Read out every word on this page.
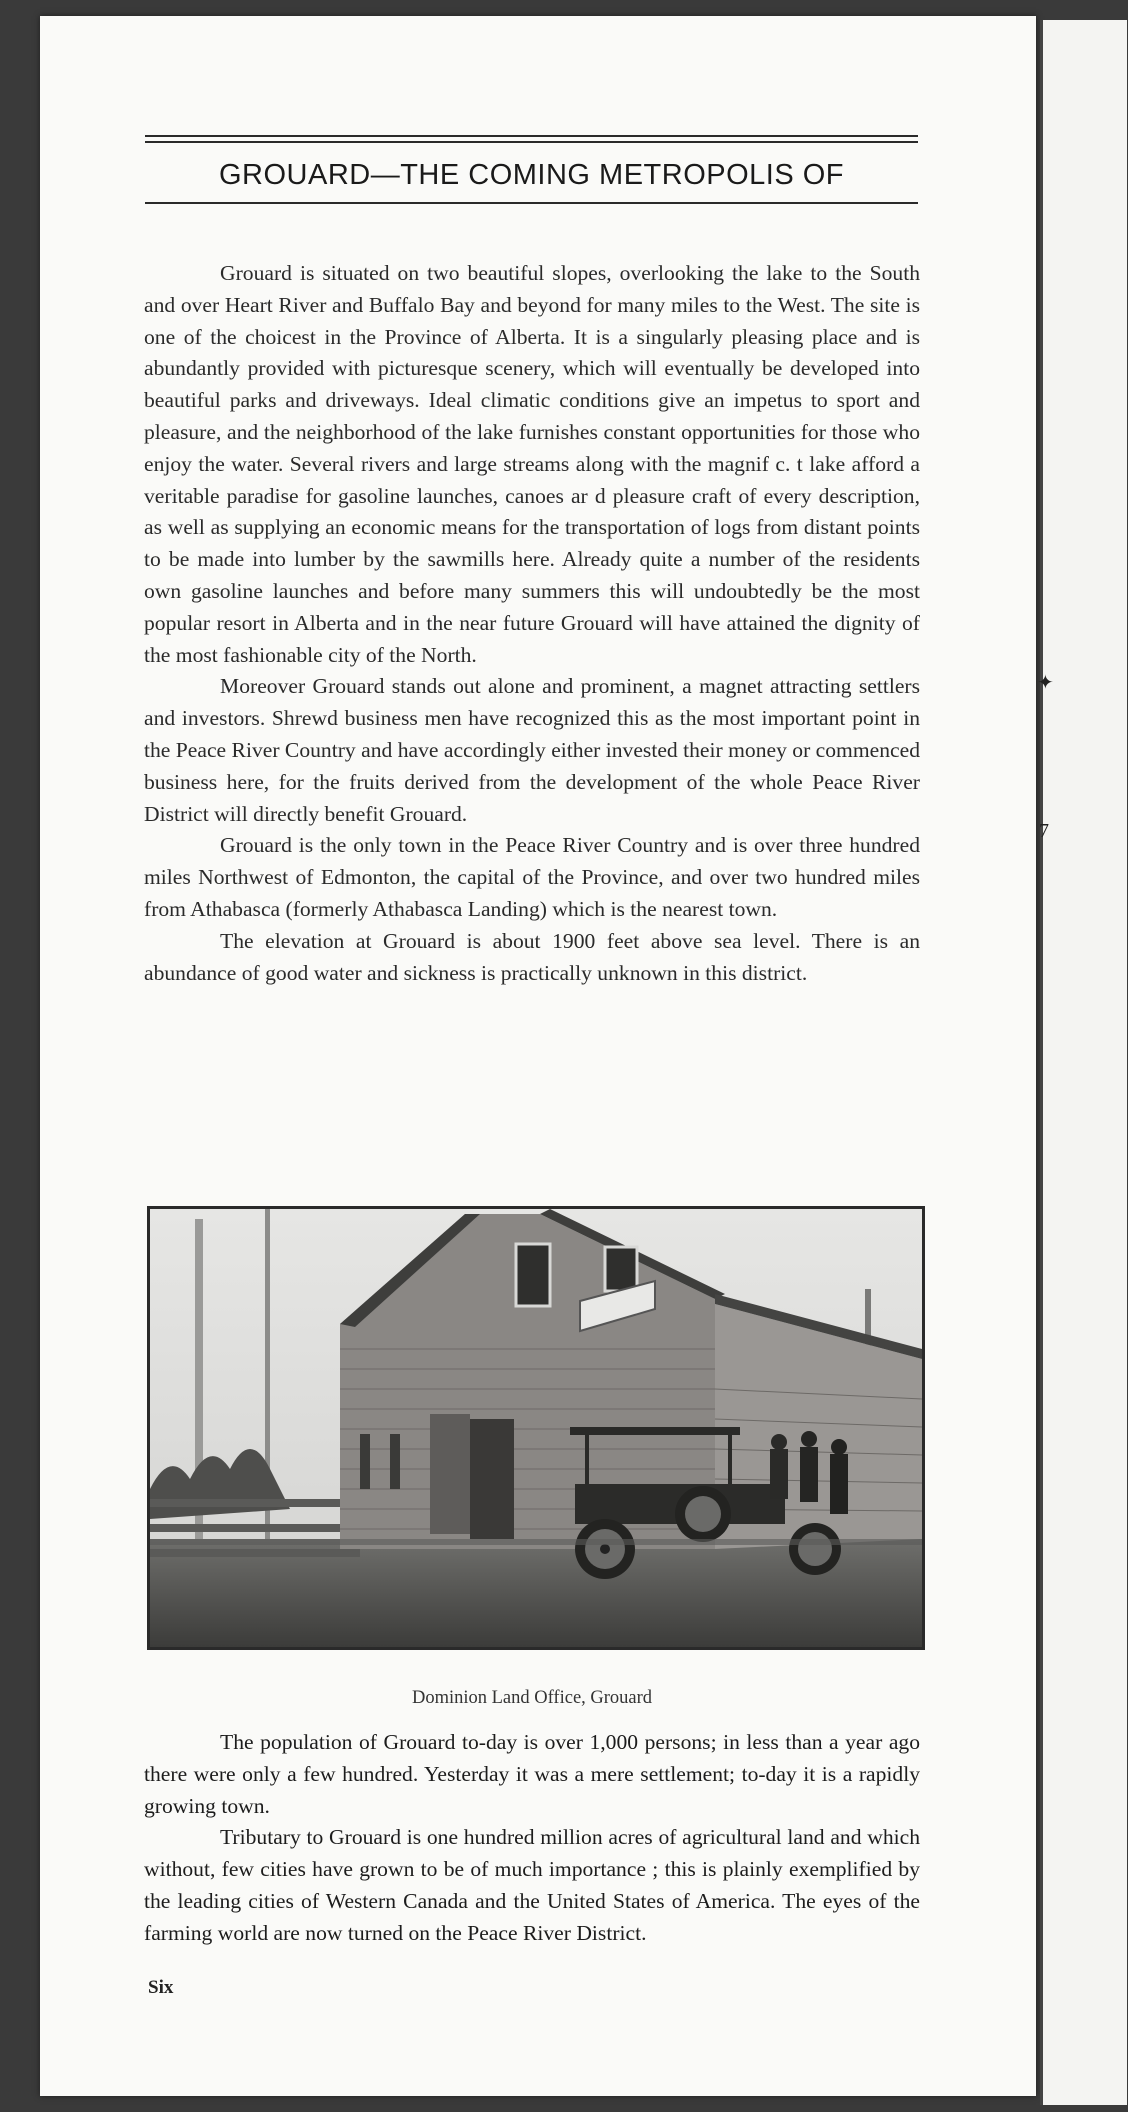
✦
7
GROUARD—THE COMING METROPOLIS OF

Grouard is situated on two beautiful slopes, overlooking the lake to the South and over Heart River and Buffalo Bay and beyond for many miles to the West. The site is one of the choicest in the Province of Alberta. It is a singularly pleasing place and is abundantly provided with picturesque scenery, which will eventually be developed into beautiful parks and driveways. Ideal climatic conditions give an impetus to sport and pleasure, and the neighborhood of the lake furnishes constant opportunities for those who enjoy the water. Several rivers and large streams along with the magnif c. t lake afford a veritable paradise for gasoline launches, canoes ar d pleasure craft of every description, as well as supplying an economic means for the transportation of logs from distant points to be made into lumber by the sawmills here. Already quite a number of the residents own gasoline launches and before many summers this will undoubtedly be the most popular resort in Alberta and in the near future Grouard will have attained the dignity of the most fashionable city of the North.

Moreover Grouard stands out alone and prominent, a magnet attracting settlers and investors. Shrewd business men have recognized this as the most important point in the Peace River Country and have accordingly either invested their money or commenced business here, for the fruits derived from the development of the whole Peace River District will directly benefit Grouard.

Grouard is the only town in the Peace River Country and is over three hundred miles Northwest of Edmonton, the capital of the Province, and over two hundred miles from Athabasca (formerly Athabasca Landing) which is the nearest town.

The elevation at Grouard is about 1900 feet above sea level. There is an abundance of good water and sickness is practically unknown in this district.

Dominion Land Office, Grouard

The population of Grouard to-day is over 1,000 persons; in less than a year ago there were only a few hundred. Yesterday it was a mere settlement; to-day it is a rapidly growing town.

Tributary to Grouard is one hundred million acres of agricultural land and which without, few cities have grown to be of much importance ; this is plainly exemplified by the leading cities of Western Canada and the United States of America. The eyes of the farming world are now turned on the Peace River District.

Six
